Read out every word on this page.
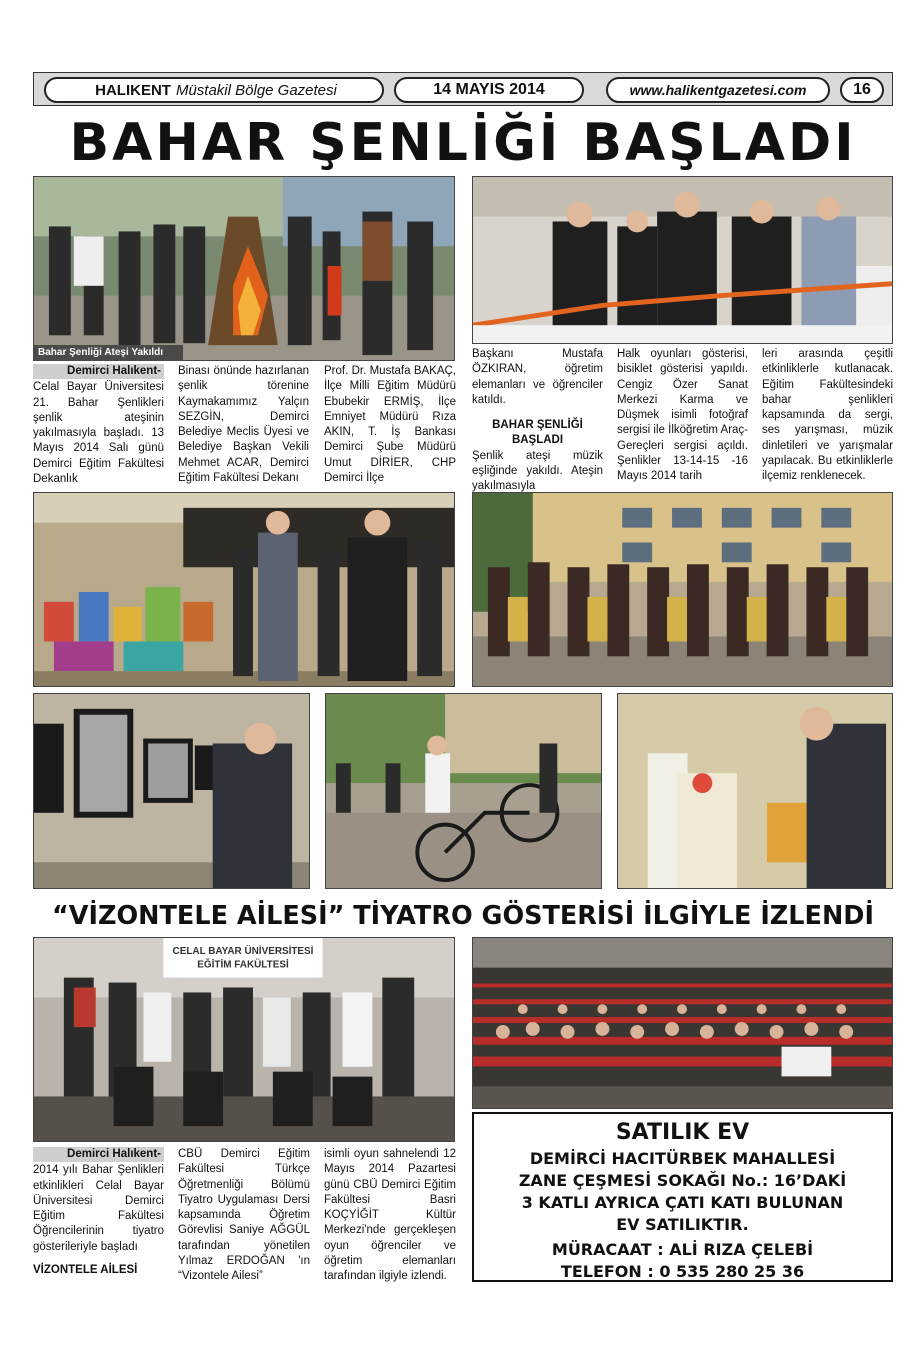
HALIKENT Müstakil Bölge Gazetesi	14 MAYIS 2014	www.halikentgazetesi.com	16
BAHAR ŞENLİĞİ BAŞLADI
Bahar Şenliği Ateşi Yakıldı
Demirci Halıkent-

Celal Bayar Üniversitesi 21. Bahar Şenlikleri şenlik ateşinin yakılmasıyla başladı. 13 Mayıs 2014 Salı günü Demirci Eğitim Fakültesi Dekanlık

Binası önünde hazırlanan şenlik törenine Kaymakamımız Yalçın SEZGİN, Demirci Belediye Meclis Üyesi ve Belediye Başkan Vekili Mehmet ACAR, Demirci Eğitim Fakültesi Dekanı

Prof. Dr. Mustafa BAKAÇ, İlçe Milli Eğitim Müdürü Ebubekir ERMİŞ, İlçe Emniyet Müdürü Rıza AKIN, T. İş Bankası Demirci Şube Müdürü Umut DİRİER, CHP Demirci İlçe

Başkanı Mustafa ÖZKIRAN, öğretim elemanları ve öğrenciler katıldı.

BAHAR ŞENLİĞİ BAŞLADI

Şenlik ateşi müzik eşliğinde yakıldı. Ateşin yakılmasıyla

Halk oyunları gösterisi, bisiklet gösterisi yapıldı. Cengiz Özer Sanat Merkezi Karma ve Düşmek isimli fotoğraf sergisi ile İlköğretim Araç-Gereçleri sergisi açıldı. Şenlikler 13-14-15 -16 Mayıs 2014 tarih

leri arasında çeşitli etkinliklerle kutlanacak. Eğitim Fakültesindeki bahar şenlikleri kapsamında da sergi, ses yarışması, müzik dinletileri ve yarışmalar yapılacak. Bu etkinliklerle ilçemiz renklenecek.

“VİZONTELE AİLESİ” TİYATRO GÖSTERİSİ İLGİYLE İZLENDİ
CELAL BAYAR ÜNİVERSİTESİ
EĞİTİM FAKÜLTESİ
Demirci Halıkent-

2014 yılı Bahar Şenlikleri etkinlikleri Celal Bayar Üniversitesi Demirci Eğitim Fakültesi Öğrencilerinin tiyatro gösterileriyle başladı

VİZONTELE AİLESİ

CBÜ Demirci Eğitim Fakültesi Türkçe Öğretmenliği Bölümü Tiyatro Uygulaması Dersi kapsamında Öğretim Görevlisi Saniye AĞGÜL tarafından yönetilen Yılmaz ERDOĞAN 'ın “Vizontele Ailesi”

isimli oyun sahnelendi 12 Mayıs 2014 Pazartesi günü CBÜ Demirci Eğitim Fakültesi Basri KOÇYİĞİT Kültür Merkezi'nde gerçekleşen oyun öğrenciler ve öğretim elemanları tarafından ilgiyle izlendi.

SATILIK EV
DEMİRCİ HACITÜRBEK MAHALLESİ
ZANE ÇEŞMESİ SOKAĞI No.: 16’DAKİ
3 KATLI AYRICA ÇATI KATI BULUNAN
EV SATILIKTIR.
MÜRACAAT : ALİ RIZA ÇELEBİ
TELEFON : 0 535 280 25 36
